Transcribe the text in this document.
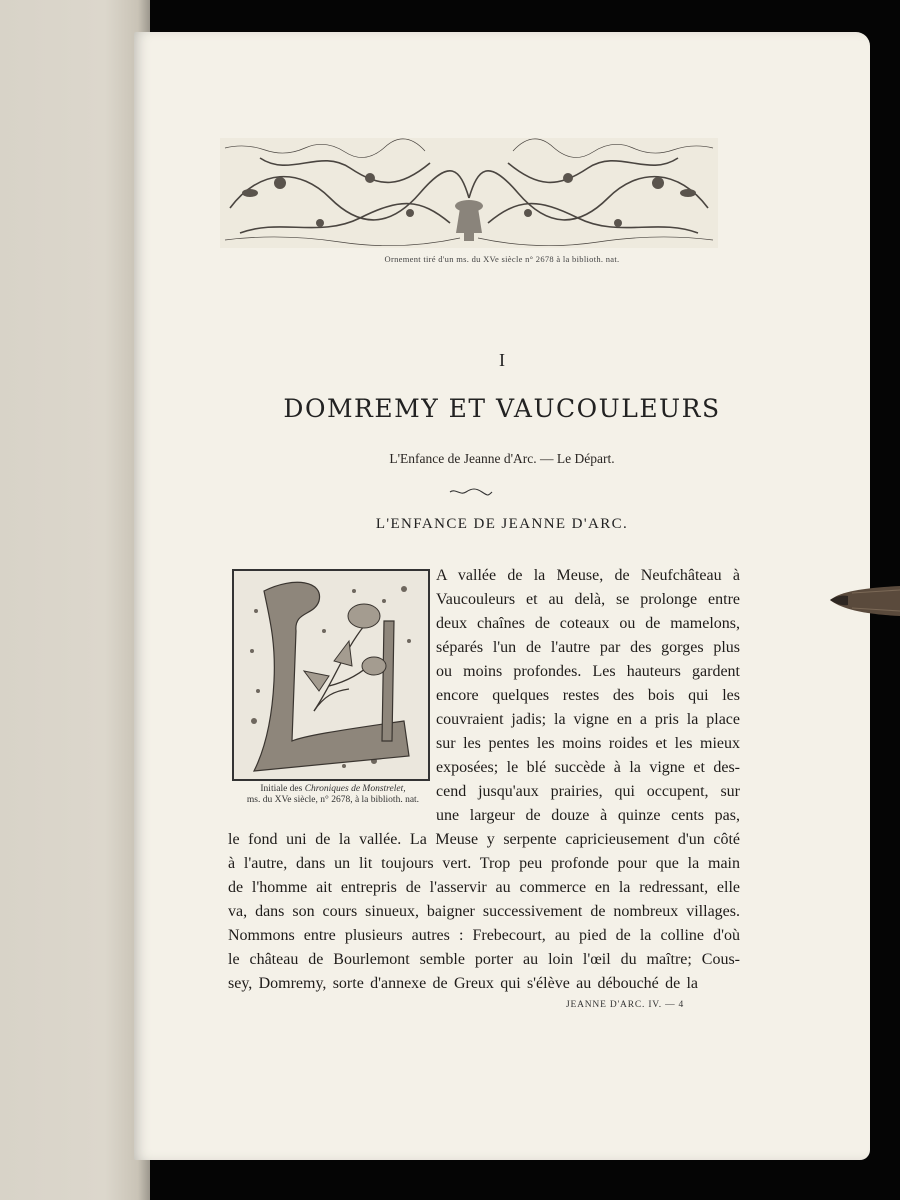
Ornement tiré d'un ms. du XVe siècle n° 2678 à la biblioth. nat.
I
DOMREMY ET VAUCOULEURS
L'Enfance de Jeanne d'Arc. — Le Départ.
L'ENFANCE DE JEANNE D'ARC.
Initiale des Chroniques de Monstrelet,
ms. du XVe siècle, n° 2678, à la biblioth. nat.
A vallée de la Meuse, de Neufchâteau à
Vaucouleurs et au delà, se prolonge entre
deux chaînes de coteaux ou de mamelons,
séparés l'un de l'autre par des gorges plus
ou moins profondes. Les hauteurs gardent
encore quelques restes des bois qui les
couvraient jadis; la vigne en a pris la place
sur les pentes les moins roides et les mieux
exposées; le blé succède à la vigne et des-
cend jusqu'aux prairies, qui occupent, sur
une largeur de douze à quinze cents pas,
le fond uni de la vallée. La Meuse y serpente capricieusement d'un côté
à l'autre, dans un lit toujours vert. Trop peu profonde pour que la main
de l'homme ait entrepris de l'asservir au commerce en la redressant, elle
va, dans son cours sinueux, baigner successivement de nombreux villages.
Nommons entre plusieurs autres : Frebecourt, au pied de la colline d'où
le château de Bourlemont semble porter au loin l'œil du maître; Cous-
sey, Domremy, sorte d'annexe de Greux qui s'élève au débouché de la
JEANNE D'ARC. IV. — 4
